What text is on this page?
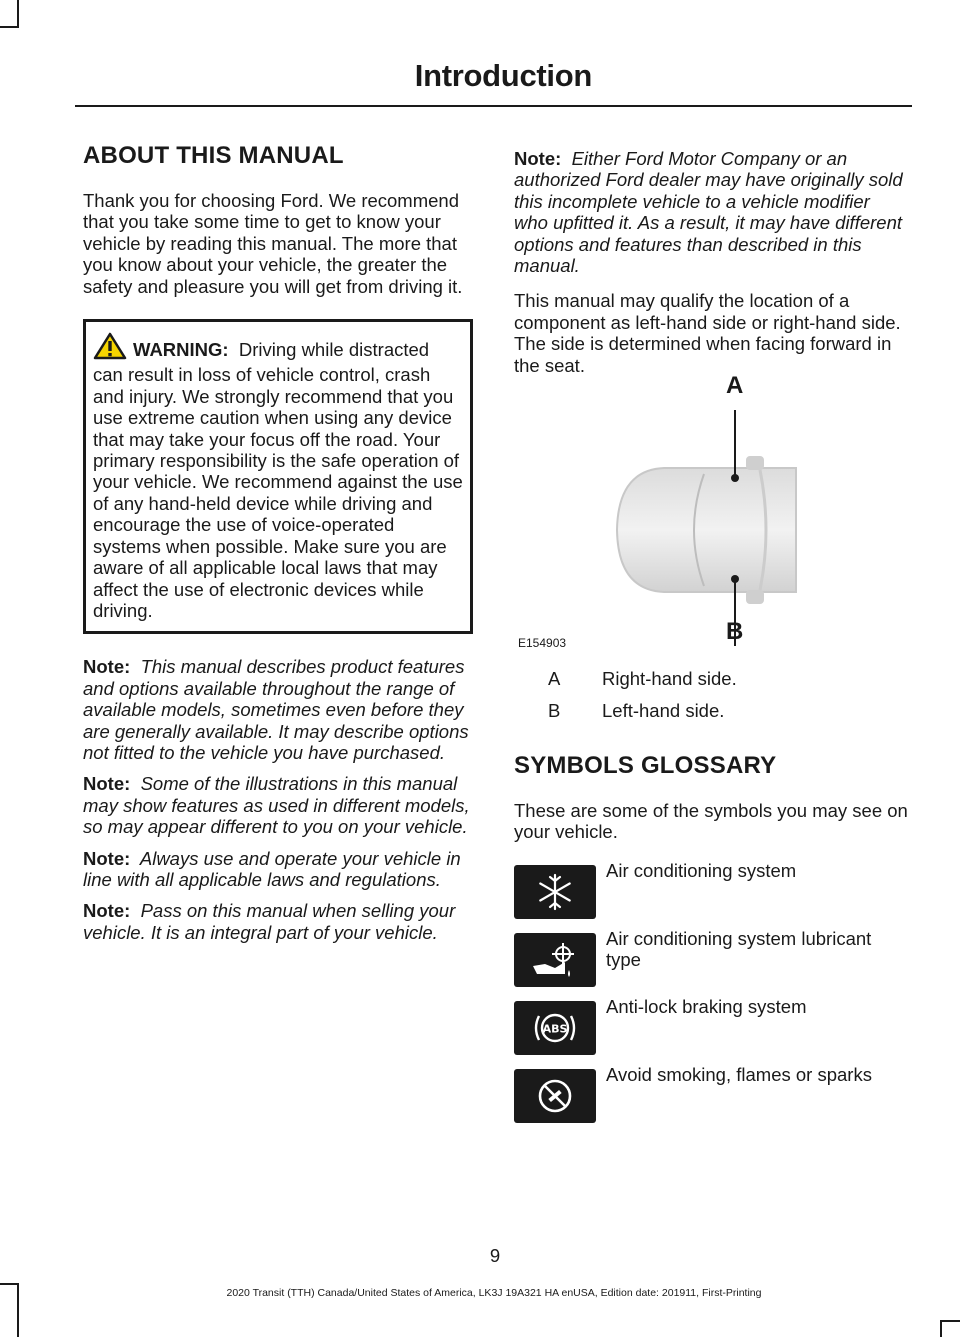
Introduction
ABOUT THIS MANUAL

Thank you for choosing Ford. We recommend that you take some time to get to know your vehicle by reading this manual. The more that you know about your vehicle, the greater the safety and pleasure you will get from driving it.

WARNING: Driving while distracted can result in loss of vehicle control, crash and injury. We strongly recommend that you use extreme caution when using any device that may take your focus off the road. Your primary responsibility is the safe operation of your vehicle. We recommend against the use of any hand-held device while driving and encourage the use of voice-operated systems when possible. Make sure you are aware of all applicable local laws that may affect the use of electronic devices while driving.

Note: This manual describes product features and options available throughout the range of available models, sometimes even before they are generally available. It may describe options not fitted to the vehicle you have purchased.

Note: Some of the illustrations in this manual may show features as used in different models, so may appear different to you on your vehicle.

Note: Always use and operate your vehicle in line with all applicable laws and regulations.

Note: Pass on this manual when selling your vehicle. It is an integral part of your vehicle.

Note: Either Ford Motor Company or an authorized Ford dealer may have originally sold this incomplete vehicle to a vehicle modifier who upfitted it. As a result, it may have different options and features than described in this manual.

This manual may qualify the location of a component as left-hand side or right-hand side. The side is determined when facing forward in the seat.

A
B
E154903
A	Right-hand side.
B	Left-hand side.
SYMBOLS GLOSSARY

These are some of the symbols you may see on your vehicle.

Air conditioning system
Air conditioning system lubricant type
ABS
Anti-lock braking system
Avoid smoking, flames or sparks
9
2020 Transit (TTH) Canada/United States of America, LK3J 19A321 HA enUSA, Edition date: 201911, First-Printing
